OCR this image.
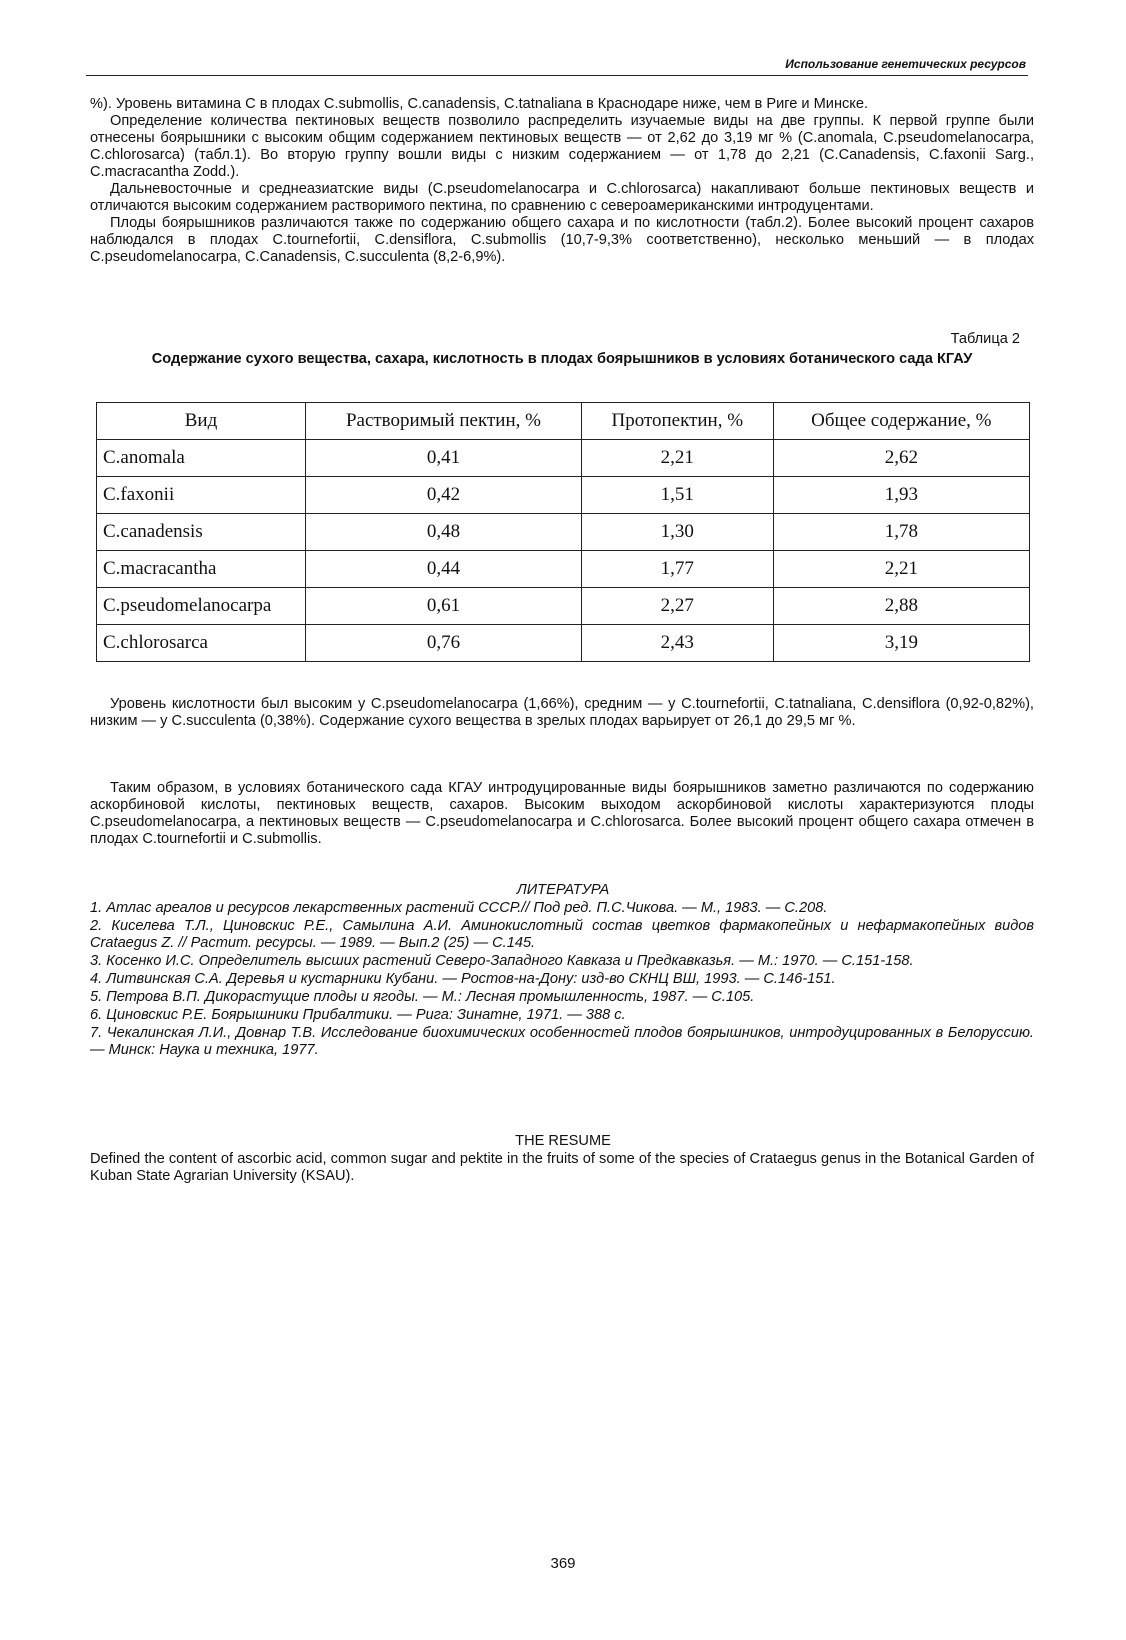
Использование генетических ресурсов

%). Уровень витамина С в плодах C.submollis, C.canadensis, C.tatnaliana в Краснодаре ниже, чем в Риге и Минске.

Определение количества пектиновых веществ позволило распределить изучаемые виды на две группы. К первой группе были отнесены боярышники с высоким общим содержанием пектиновых веществ — от 2,62 до 3,19 мг % (C.anomala, C.pseudomelanocarpa, C.chlorosarca) (табл.1). Во вторую группу вошли виды с низким содержанием — от 1,78 до 2,21 (C.Canadensis, C.faxonii Sarg., C.macracantha Zodd.).

Дальневосточные и среднеазиатские виды (C.pseudomelanocarpa и C.chlorosarca) накапливают больше пектиновых веществ и отличаются высоким содержанием растворимого пектина, по сравнению с североамериканскими интродуцентами.

Плоды боярышников различаются также по содержанию общего сахара и по кислотности (табл.2). Более высокий процент сахаров наблюдался в плодах C.tournefortii, C.densiflora, C.submollis (10,7-9,3% соответственно), несколько меньший — в плодах C.pseudomelanocarpa, C.Canadensis, C.succulenta (8,2-6,9%).

Таблица 2
Содержание сухого вещества, сахара, кислотность в плодах боярышников в условиях ботанического сада КГАУ
Вид	Растворимый пектин, %	Протопектин, %	Общее содержание, %
C.anomala	0,41	2,21	2,62
C.faxonii	0,42	1,51	1,93
C.canadensis	0,48	1,30	1,78
C.macracantha	0,44	1,77	2,21
C.pseudomelanocarpa	0,61	2,27	2,88
C.chlorosarca	0,76	2,43	3,19

Уровень кислотности был высоким у C.pseudomelanocarpa (1,66%), средним — у C.tournefortii, C.tatnaliana, C.densiflora (0,92-0,82%), низким — у C.succulenta (0,38%). Содержание сухого вещества в зрелых плодах варьирует от 26,1 до 29,5 мг %.

Таким образом, в условиях ботанического сада КГАУ интродуцированные виды боярышников заметно различаются по содержанию аскорбиновой кислоты, пектиновых веществ, сахаров. Высоким выходом аскорбиновой кислоты характеризуются плоды C.pseudomelanocarpa, а пектиновых веществ — C.pseudomelanocarpa и C.chlorosarca. Более высокий процент общего сахара отмечен в плодах C.tournefortii и C.submollis.

ЛИТЕРАТУРА
1. Атлас ареалов и ресурсов лекарственных растений СССР.// Под ред. П.С.Чикова. — М., 1983. — С.208.
2. Киселева Т.Л., Циновскис Р.Е., Самылина А.И. Аминокислотный состав цветков фармакопейных и нефармакопейных видов Crataegus Z. // Растит. ресурсы. — 1989. — Вып.2 (25) — С.145.
3. Косенко И.С. Определитель высших растений Северо-Западного Кавказа и Предкавказья. — М.: 1970. — С.151-158.
4. Литвинская С.А. Деревья и кустарники Кубани. — Ростов-на-Дону: изд-во СКНЦ ВШ, 1993. — С.146-151.
5. Петрова В.П. Дикорастущие плоды и ягоды. — М.: Лесная промышленность, 1987. — С.105.
6. Циновскис Р.Е. Боярышники Прибалтики. — Рига: Зинатне, 1971. — 388 с.
7. Чекалинская Л.И., Довнар Т.В. Исследование биохимических особенностей плодов боярышников, интродуцированных в Белоруссию. — Минск: Наука и техника, 1977.
THE RESUME

Defined the content of ascorbic acid, common sugar and pektite in the fruits of some of the species of Crataegus genus in the Botanical Garden of Kuban State Agrarian University (KSAU).

369
